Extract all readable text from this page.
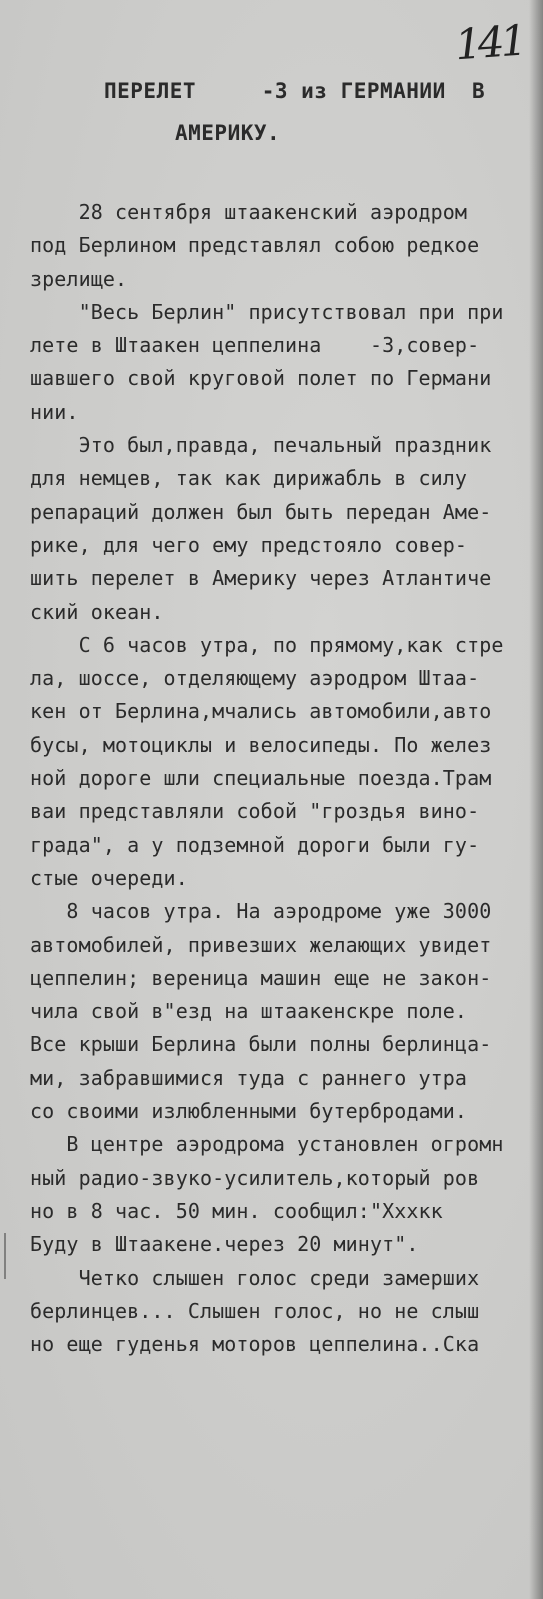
141
ПЕРЕЛЕТ     -3 из ГЕРМАНИИ  В
АМЕРИКУ.
28 сентября штаакенский аэродром
под Берлином представлял собою редкое
зрелище.
"Весь Берлин" присутствовал при при
лете в Штаакен цеппелина    -3,совер-
шавшего свой круговой полет по Германи
нии.
Это был,правда, печальный праздник
для немцев, так как дирижабль в силу
репараций должен был быть передан Аме-
рике, для чего ему предстояло совер-
шить перелет в Америку через Атлантиче
ский океан.
С 6 часов утра, по прямому,как стре
ла, шоссе, отделяющему аэродром Штаа-
кен от Берлина,мчались автомобили,авто
бусы, мотоциклы и велосипеды. По желез
ной дороге шли специальные поезда.Трам
ваи представляли собой "гроздья вино-
града", а у подземной дороги были гу-
стые очереди.
8 часов утра. На аэродроме уже 3000
автомобилей, привезших желающих увидет
цеппелин; вереница машин еще не закон-
чила свой в"езд на штаакенскре поле.
Все крыши Берлина были полны берлинца-
ми, забравшимися туда с раннего утра
со своими излюбленными бутербродами.
В центре аэродрома установлен огромн
ный радио-звуко-усилитель,который ров
но в 8 час. 50 мин. сообщил:"Хххкк
Буду в Штаакене.через 20 минут".
Четко слышен голос среди замерших
берлинцев... Слышен голос, но не слыш
но еще гуденья моторов цеппелина..Ска
